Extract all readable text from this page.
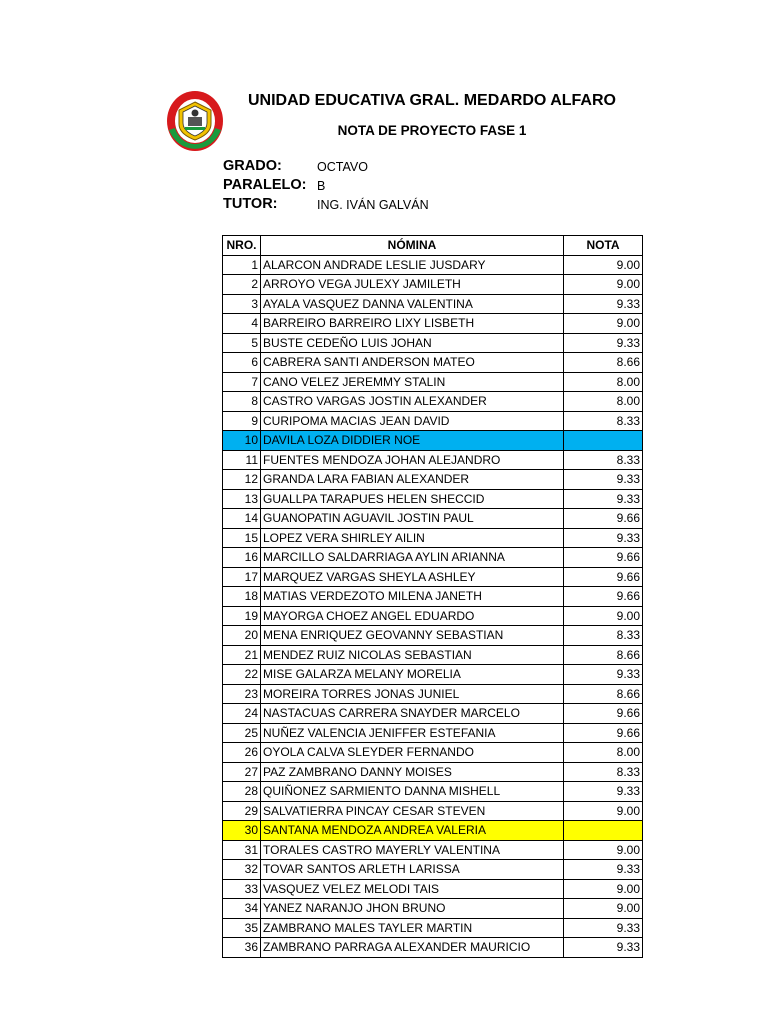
UNIDAD EDUCATIVA GRAL. MEDARDO ALFARO
NOTA DE PROYECTO FASE 1
GRADO:	OCTAVO
PARALELO: B
TUTOR:	ING. IVÁN GALVÁN
NRO.	NÓMINA	NOTA
1	ALARCON ANDRADE LESLIE JUSDARY	9.00
2	ARROYO VEGA JULEXY JAMILETH	9.00
3	AYALA VASQUEZ DANNA VALENTINA	9.33
4	BARREIRO BARREIRO LIXY LISBETH	9.00
5	BUSTE CEDEÑO LUIS JOHAN	9.33
6	CABRERA SANTI ANDERSON MATEO	8.66
7	CANO VELEZ JEREMMY STALIN	8.00
8	CASTRO VARGAS JOSTIN ALEXANDER	8.00
9	CURIPOMA MACIAS JEAN DAVID	8.33
10	DAVILA LOZA DIDDIER NOE	
11	FUENTES MENDOZA JOHAN ALEJANDRO	8.33
12	GRANDA LARA FABIAN ALEXANDER	9.33
13	GUALLPA TARAPUES HELEN SHECCID	9.33
14	GUANOPATIN AGUAVIL JOSTIN PAUL	9.66
15	LOPEZ VERA SHIRLEY AILIN	9.33
16	MARCILLO SALDARRIAGA AYLIN ARIANNA	9.66
17	MARQUEZ VARGAS SHEYLA ASHLEY	9.66
18	MATIAS VERDEZOTO MILENA JANETH	9.66
19	MAYORGA CHOEZ ANGEL EDUARDO	9.00
20	MENA ENRIQUEZ GEOVANNY SEBASTIAN	8.33
21	MENDEZ RUIZ NICOLAS SEBASTIAN	8.66
22	MISE GALARZA MELANY MORELIA	9.33
23	MOREIRA TORRES JONAS JUNIEL	8.66
24	NASTACUAS CARRERA SNAYDER MARCELO	9.66
25	NUÑEZ VALENCIA JENIFFER ESTEFANIA	9.66
26	OYOLA CALVA SLEYDER FERNANDO	8.00
27	PAZ ZAMBRANO DANNY MOISES	8.33
28	QUIÑONEZ SARMIENTO DANNA MISHELL	9.33
29	SALVATIERRA PINCAY CESAR STEVEN	9.00
30	SANTANA MENDOZA ANDREA VALERIA	
31	TORALES CASTRO MAYERLY VALENTINA	9.00
32	TOVAR SANTOS ARLETH LARISSA	9.33
33	VASQUEZ VELEZ MELODI TAIS	9.00
34	YANEZ NARANJO JHON BRUNO	9.00
35	ZAMBRANO MALES TAYLER MARTIN	9.33
36	ZAMBRANO PARRAGA ALEXANDER MAURICIO	9.33
